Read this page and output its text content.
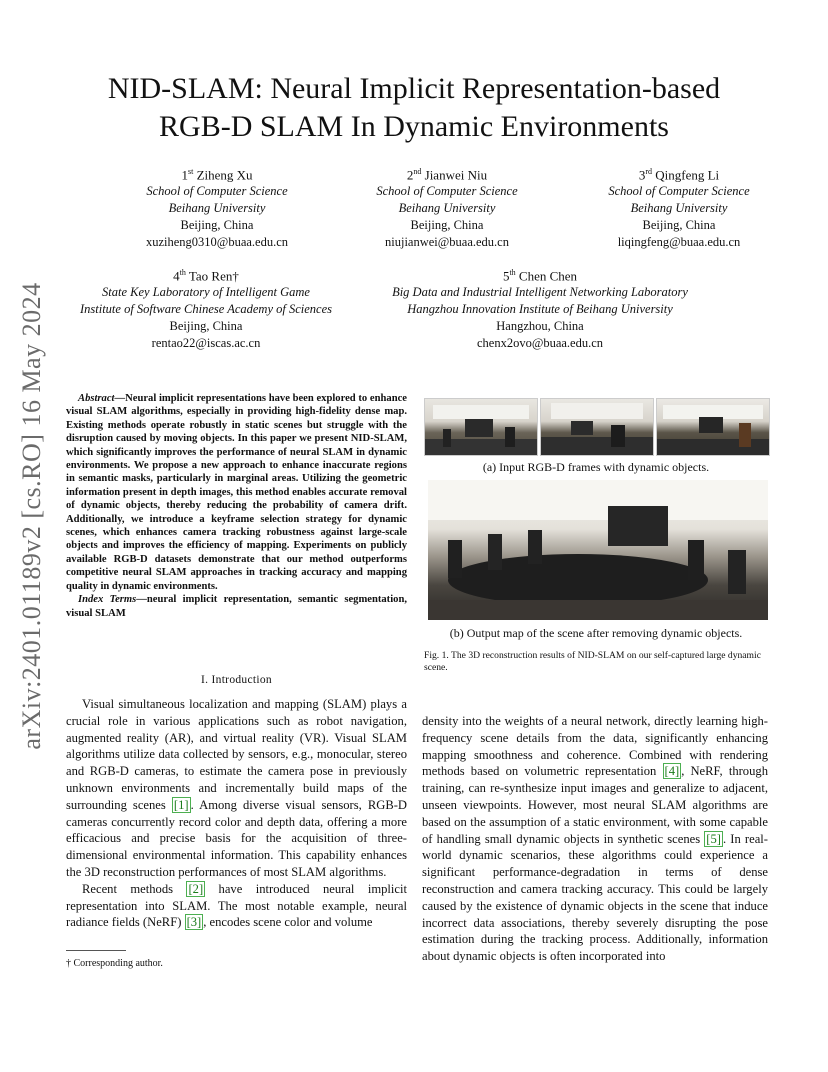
arXiv:2401.01189v2 [cs.RO] 16 May 2024
NID-SLAM: Neural Implicit Representation-based
RGB-D SLAM In Dynamic Environments
1st Ziheng Xu
School of Computer Science
Beihang University
Beijing, China
xuziheng0310@buaa.edu.cn
2nd Jianwei Niu
School of Computer Science
Beihang University
Beijing, China
niujianwei@buaa.edu.cn
3rd Qingfeng Li
School of Computer Science
Beihang University
Beijing, China
liqingfeng@buaa.edu.cn
4th Tao Ren†
State Key Laboratory of Intelligent Game
Institute of Software Chinese Academy of Sciences
Beijing, China
rentao22@iscas.ac.cn
5th Chen Chen
Big Data and Industrial Intelligent Networking Laboratory
Hangzhou Innovation Institute of Beihang University
Hangzhou, China
chenx2ovo@buaa.edu.cn
Abstract—Neural implicit representations have been explored to enhance visual SLAM algorithms, especially in providing high-fidelity dense map. Existing methods operate robustly in static scenes but struggle with the disruption caused by moving objects. In this paper we present NID-SLAM, which significantly improves the performance of neural SLAM in dynamic environments. We propose a new approach to enhance inaccurate regions in semantic masks, particularly in marginal areas. Utilizing the geometric information present in depth images, this method enables accurate removal of dynamic objects, thereby reducing the probability of camera drift. Additionally, we introduce a keyframe selection strategy for dynamic scenes, which enhances camera tracking robustness against large-scale objects and improves the efficiency of mapping. Experiments on publicly available RGB-D datasets demonstrate that our method outperforms competitive neural SLAM approaches in tracking accuracy and mapping quality in dynamic environments.
Index Terms—neural implicit representation, semantic segmentation, visual SLAM
I. Introduction

Visual simultaneous localization and mapping (SLAM) plays a crucial role in various applications such as robot navigation, augmented reality (AR), and virtual reality (VR). Visual SLAM algorithms utilize data collected by sensors, e.g., monocular, stereo and RGB-D cameras, to estimate the camera pose in previously unknown environments and incrementally build maps of the surrounding scenes [1] . Among diverse visual sensors, RGB-D cameras concurrently record color and depth data, offering a more efficacious and precise basis for the acquisition of three-dimensional environmental information. This capability enhances the 3D reconstruction performances of most SLAM algorithms.

Recent methods [2] have introduced neural implicit representation into SLAM. The most notable example, neural radiance fields (NeRF) [3] , encodes scene color and volume

† Corresponding author.
(a) Input RGB-D frames with dynamic objects.
(b) Output map of the scene after removing dynamic objects.
Fig. 1. The 3D reconstruction results of NID-SLAM on our self-captured large dynamic scene.

density into the weights of a neural network, directly learning high-frequency scene details from the data, significantly enhancing mapping smoothness and coherence. Combined with rendering methods based on volumetric representation [4] , NeRF, through training, can re-synthesize input images and generalize to adjacent, unseen viewpoints. However, most neural SLAM algorithms are based on the assumption of a static environment, with some capable of handling small dynamic objects in synthetic scenes [5] . In real-world dynamic scenarios, these algorithms could experience a significant performance-degradation in terms of dense reconstruction and camera tracking accuracy. This could be largely caused by the existence of dynamic objects in the scene that induce incorrect data associations, thereby severely disrupting the pose estimation during the tracking process. Additionally, information about dynamic objects is often incorporated into
